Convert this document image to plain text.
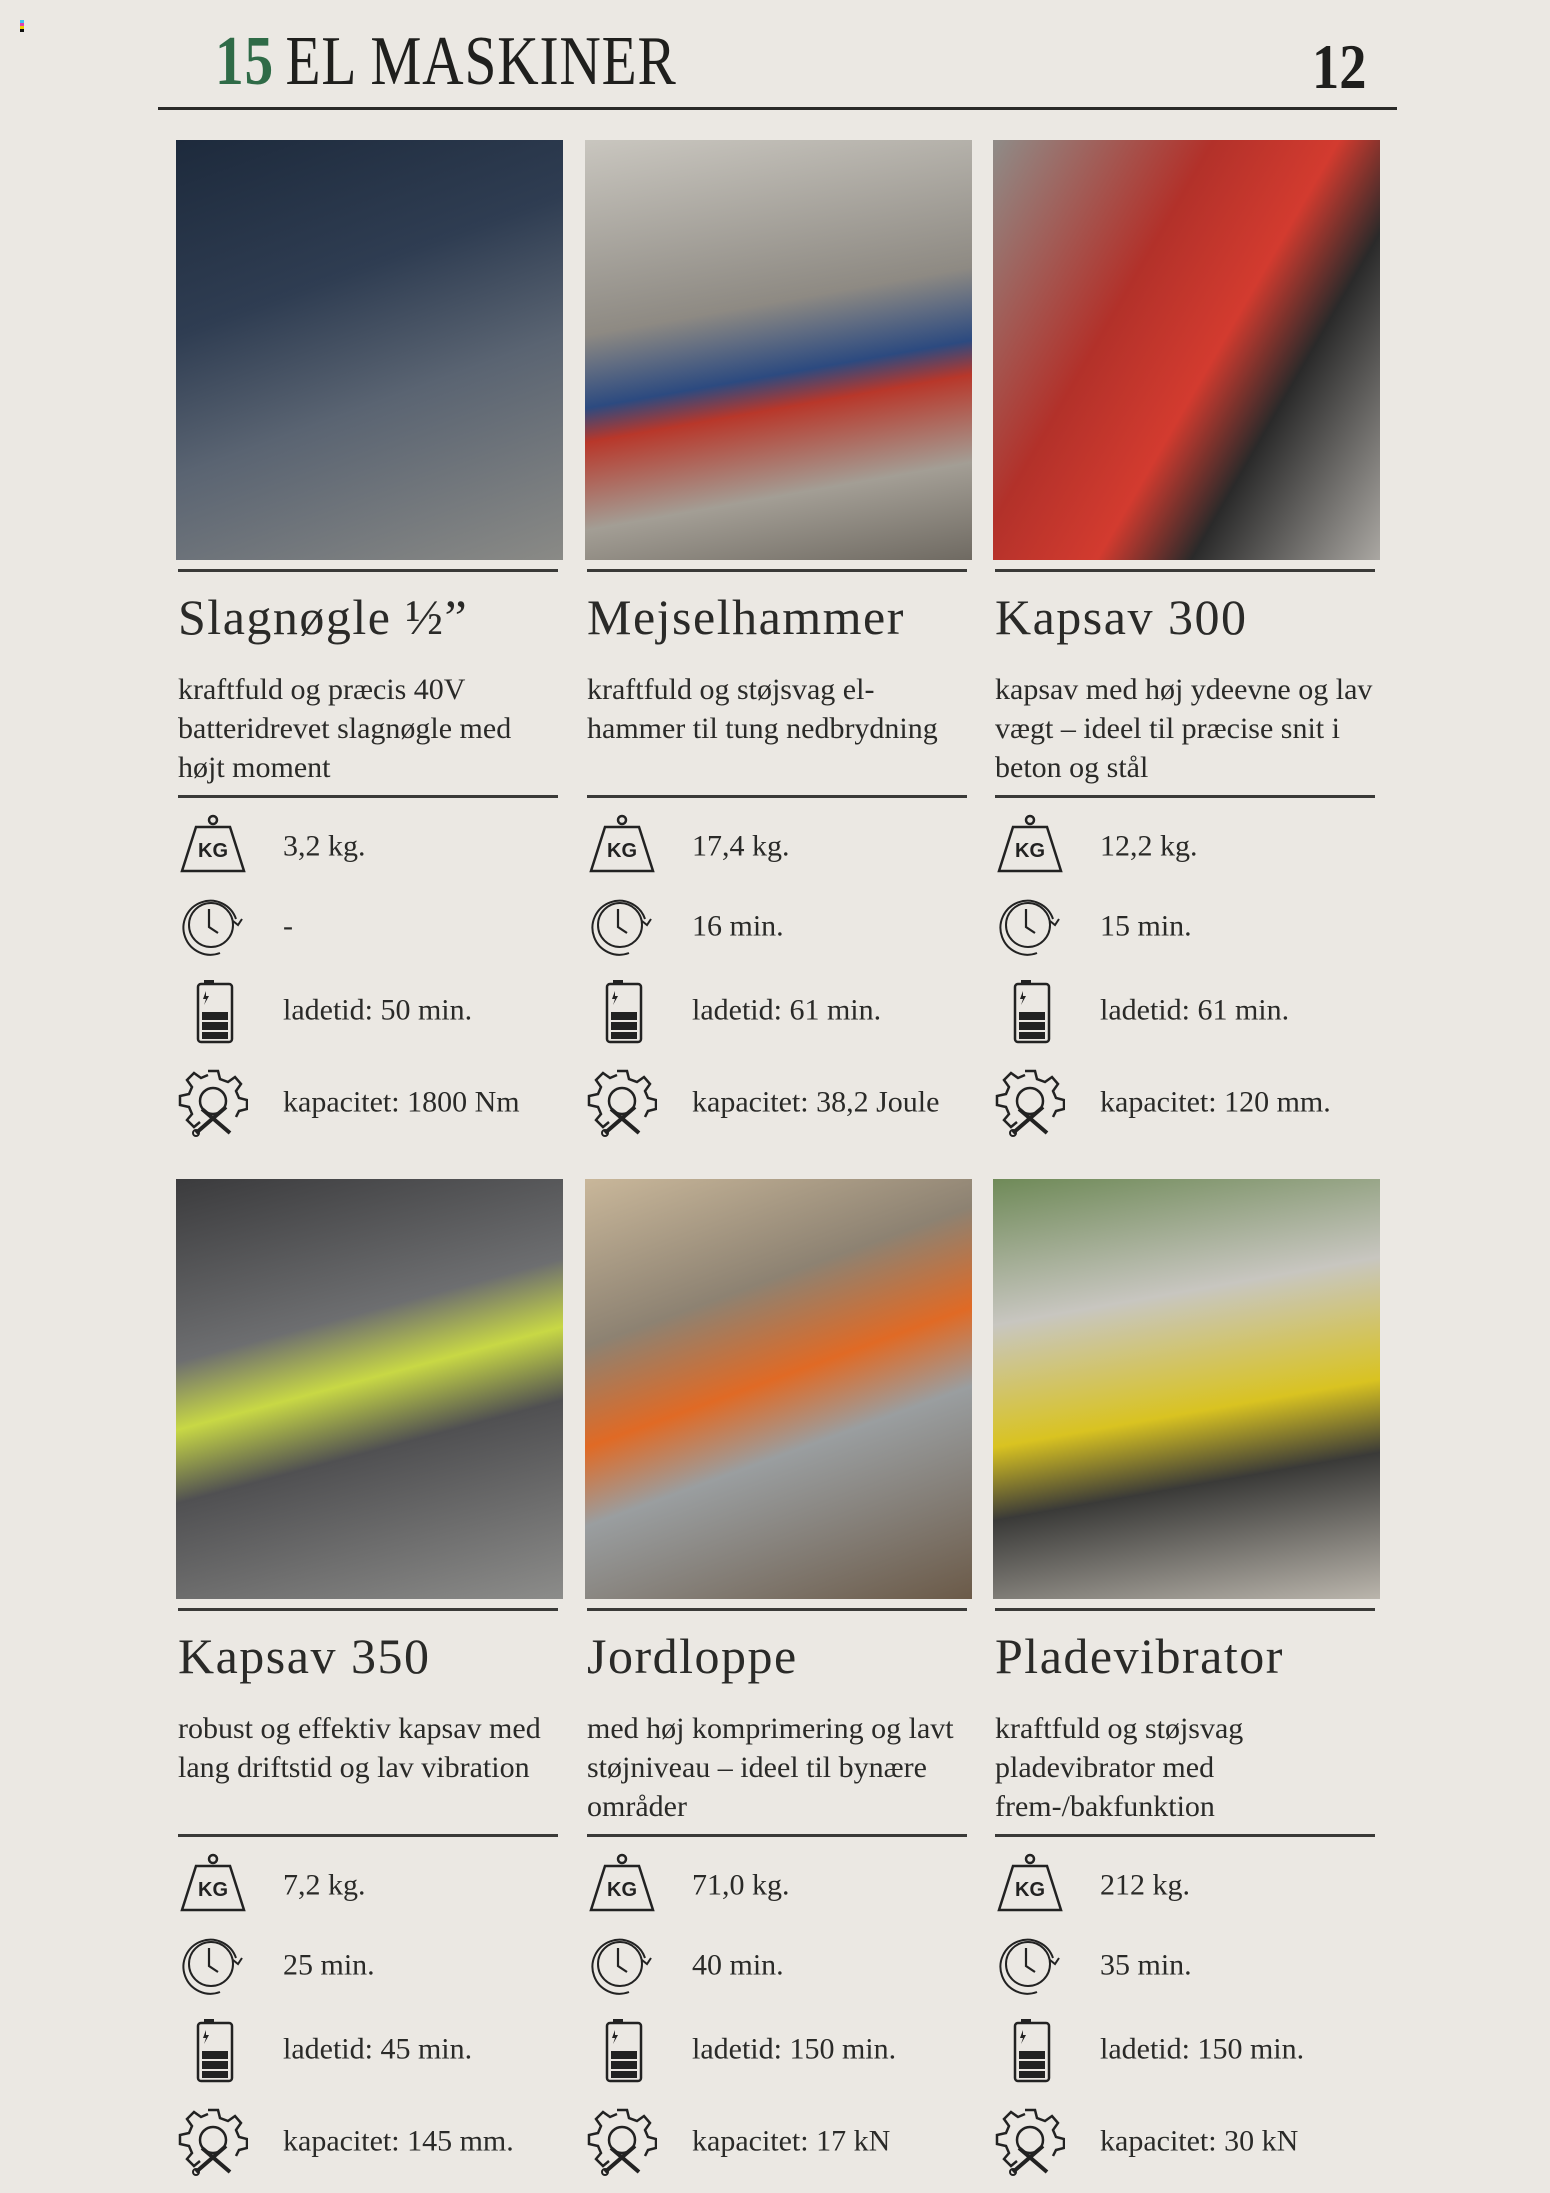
15 EL MASKINER	12
Slagnøgle ½”
kraftfuld og præcis 40V batteridrevet slagnøgle med højt moment
KG 3,2 kg.
-
ladetid: 50 min.
kapacitet: 1800 Nm
Mejselhammer
kraftfuld og støjsvag el-hammer til tung nedbrydning
KG 17,4 kg.
16 min.
ladetid: 61 min.
kapacitet: 38,2 Joule
Kapsav 300
kapsav med høj ydeevne og lav vægt – ideel til præcise snit i beton og stål
KG 12,2 kg.
15 min.
ladetid: 61 min.
kapacitet: 120 mm.
Kapsav 350
robust og effektiv kapsav med lang driftstid og lav vibration
KG 7,2 kg.
25 min.
ladetid: 45 min.
kapacitet: 145 mm.
Jordloppe
med høj komprimering og lavt støjniveau – ideel til bynære områder
KG 71,0 kg.
40 min.
ladetid: 150 min.
kapacitet: 17 kN
Pladevibrator
kraftfuld og støjsvag pladevibrator med frem-/bakfunktion
KG 212 kg.
35 min.
ladetid: 150 min.
kapacitet: 30 kN
